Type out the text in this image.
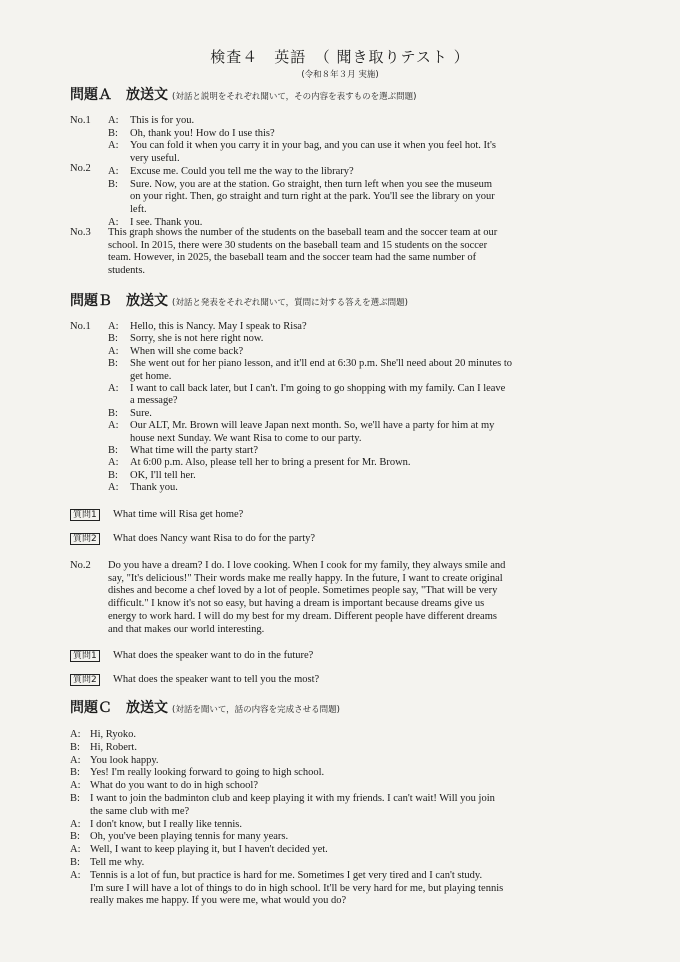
検査４　英語　（ 聞き取りテスト ）
(令和８年３月 実施)
問題Ａ 放送文 (対話と説明をそれぞれ聞いて，その内容を表すものを選ぶ問題)
No.1
No.2
No.3
A: This is for you.
B: Oh, thank you! How do I use this?
A: You can fold it when you carry it in your bag, and you can use it when you feel hot. It's
very useful.
A: Excuse me. Could you tell me the way to the library?
B: Sure. Now, you are at the station. Go straight, then turn left when you see the museum
on your right. Then, go straight and turn right at the park. You'll see the library on your
left.
A: I see. Thank you.
This graph shows the number of the students on the baseball team and the soccer team at our
school. In 2015, there were 30 students on the baseball team and 15 students on the soccer
team. However, in 2025, the baseball team and the soccer team had the same number of
students.
問題Ｂ 放送文 (対話と発表をそれぞれ聞いて，質問に対する答えを選ぶ問題)
No.1 A: Hello, this is Nancy. May I speak to Risa?
B: Sorry, she is not here right now.
A: When will she come back?
B: She went out for her piano lesson, and it'll end at 6:30 p.m. She'll need about 20 minutes to
get home.
A: I want to call back later, but I can't. I'm going to go shopping with my family. Can I leave
a message?
B: Sure.
A: Our ALT, Mr. Brown will leave Japan next month. So, we'll have a party for him at my
house next Sunday. We want Risa to come to our party.
B: What time will the party start?
A: At 6:00 p.m. Also, please tell her to bring a present for Mr. Brown.
B: OK, I'll tell her.
A: Thank you.
質問1 What time will Risa get home?
質問2 What does Nancy want Risa to do for the party?
No.2 Do you have a dream? I do. I love cooking. When I cook for my family, they always smile and
say, "It's delicious!" Their words make me really happy. In the future, I want to create original
dishes and become a chef loved by a lot of people. Sometimes people say, "That will be very
difficult." I know it's not so easy, but having a dream is important because dreams give us
energy to work hard. I will do my best for my dream. Different people have different dreams
and that makes our world interesting.
質問1 What does the speaker want to do in the future?
質問2 What does the speaker want to tell you the most?
問題Ｃ 放送文 (対話を聞いて，話の内容を完成させる問題)
A: Hi, Ryoko.
B: Hi, Robert.
A: You look happy.
B: Yes! I'm really looking forward to going to high school.
A: What do you want to do in high school?
B: I want to join the badminton club and keep playing it with my friends. I can't wait! Will you join
the same club with me?
A: I don't know, but I really like tennis.
B: Oh, you've been playing tennis for many years.
A: Well, I want to keep playing it, but I haven't decided yet.
B: Tell me why.
A: Tennis is a lot of fun, but practice is hard for me. Sometimes I get very tired and I can't study.
I'm sure I will have a lot of things to do in high school. It'll be very hard for me, but playing tennis
really makes me happy. If you were me, what would you do?
